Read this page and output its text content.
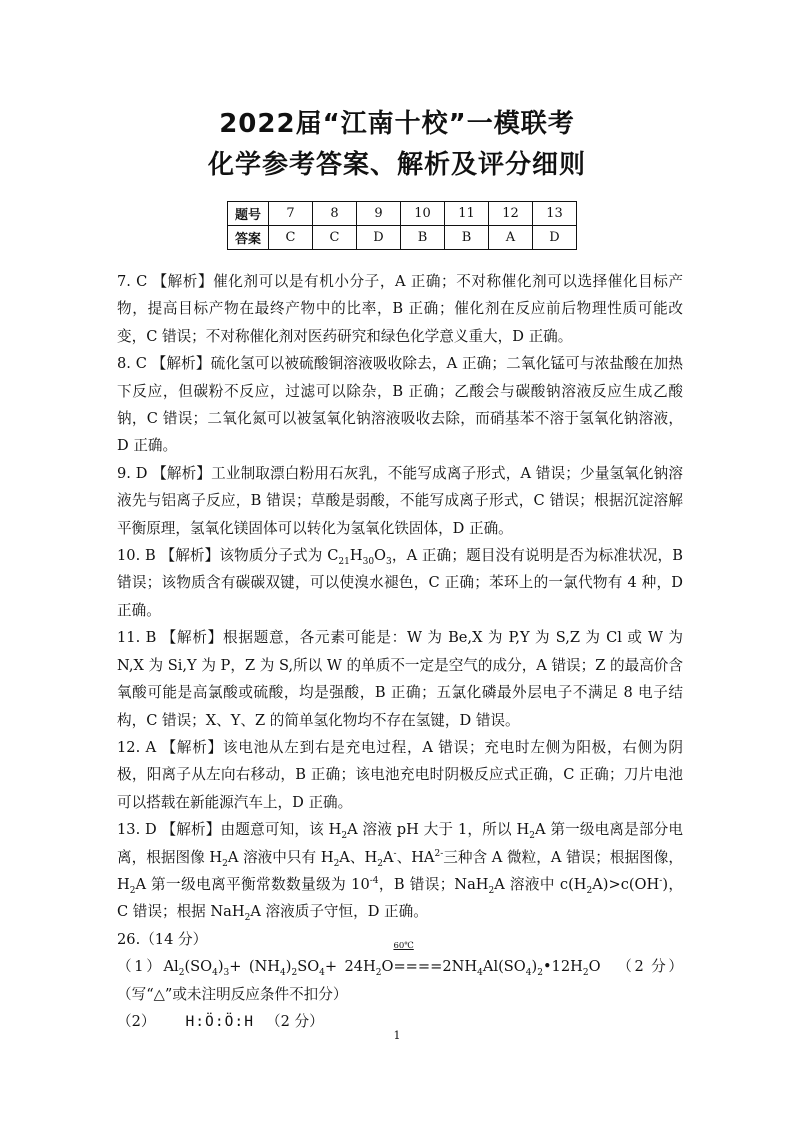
2022届“江南十校”一模联考
化学参考答案、解析及评分细则
题号	7	8	9	10	11	12	13
答案	C	C	D	B	B	A	D

7. C 【解析】催化剂可以是有机小分子，A 正确；不对称催化剂可以选择催化目标产物，提高目标产物在最终产物中的比率，B 正确；催化剂在反应前后物理性质可能改变，C 错误；不对称催化剂对医药研究和绿色化学意义重大，D 正确。

8. C 【解析】硫化氢可以被硫酸铜溶液吸收除去，A 正确；二氧化锰可与浓盐酸在加热下反应，但碳粉不反应，过滤可以除杂，B 正确；乙酸会与碳酸钠溶液反应生成乙酸钠，C 错误；二氧化氮可以被氢氧化钠溶液吸收去除，而硝基苯不溶于氢氧化钠溶液，D 正确。

9. D 【解析】工业制取漂白粉用石灰乳，不能写成离子形式，A 错误；少量氢氧化钠溶液先与铝离子反应，B 错误；草酸是弱酸，不能写成离子形式，C 错误；根据沉淀溶解平衡原理，氢氧化镁固体可以转化为氢氧化铁固体，D 正确。

10. B 【解析】该物质分子式为 $C_{21}H_{30}O_3$，A 正确；题目没有说明是否为标准状况，B 错误；该物质含有碳碳双键，可以使溴水褪色，C 正确；苯环上的一氯代物有 4 种，D 正确。

11. B 【解析】根据题意，各元素可能是：W 为 Be,X 为 P,Y 为 S,Z 为 Cl 或 W 为 N,X 为 Si,Y 为 P，Z 为 S,所以 W 的单质不一定是空气的成分，A 错误；Z 的最高价含氧酸可能是高氯酸或硫酸，均是强酸，B 正确；五氯化磷最外层电子不满足 8 电子结构，C 错误；X、Y、Z 的简单氢化物均不存在氢键，D 错误。

12. A 【解析】该电池从左到右是充电过程，A 错误；充电时左侧为阳极，右侧为阴极，阳离子从左向右移动，B 正确；该电池充电时阴极反应式正确，C 正确；刀片电池可以搭载在新能源汽车上，D 正确。

13. D 【解析】由题意可知，该 $H_2A$ 溶液 pH 大于 1，所以 $H_2A$ 第一级电离是部分电离，根据图像 $H_2A$ 溶液中只有 $H_2A$、$H_2A^-$、$HA^{2-}$三种含 A 微粒，A 错误；根据图像，$H_2A$ 第一级电离平衡常数数量级为 $10^{-4}$，B 错误；NaH$_2$A 溶液中 $c(H_2A)>c(OH^-)$， C 错误；根据 NaH$_2$A 溶液质子守恒，D 正确。

26.（14 分）

$(1)Al_2(SO_4)_3+ (NH_4)_2SO_4+ 24H_2O$
60℃
$====2NH_4Al(SO_4)_2•12H_2O$ （2 分）（写“△”或未注明反应条件不扣分）

（2） H:Ö:Ö:H （2 分）

1
